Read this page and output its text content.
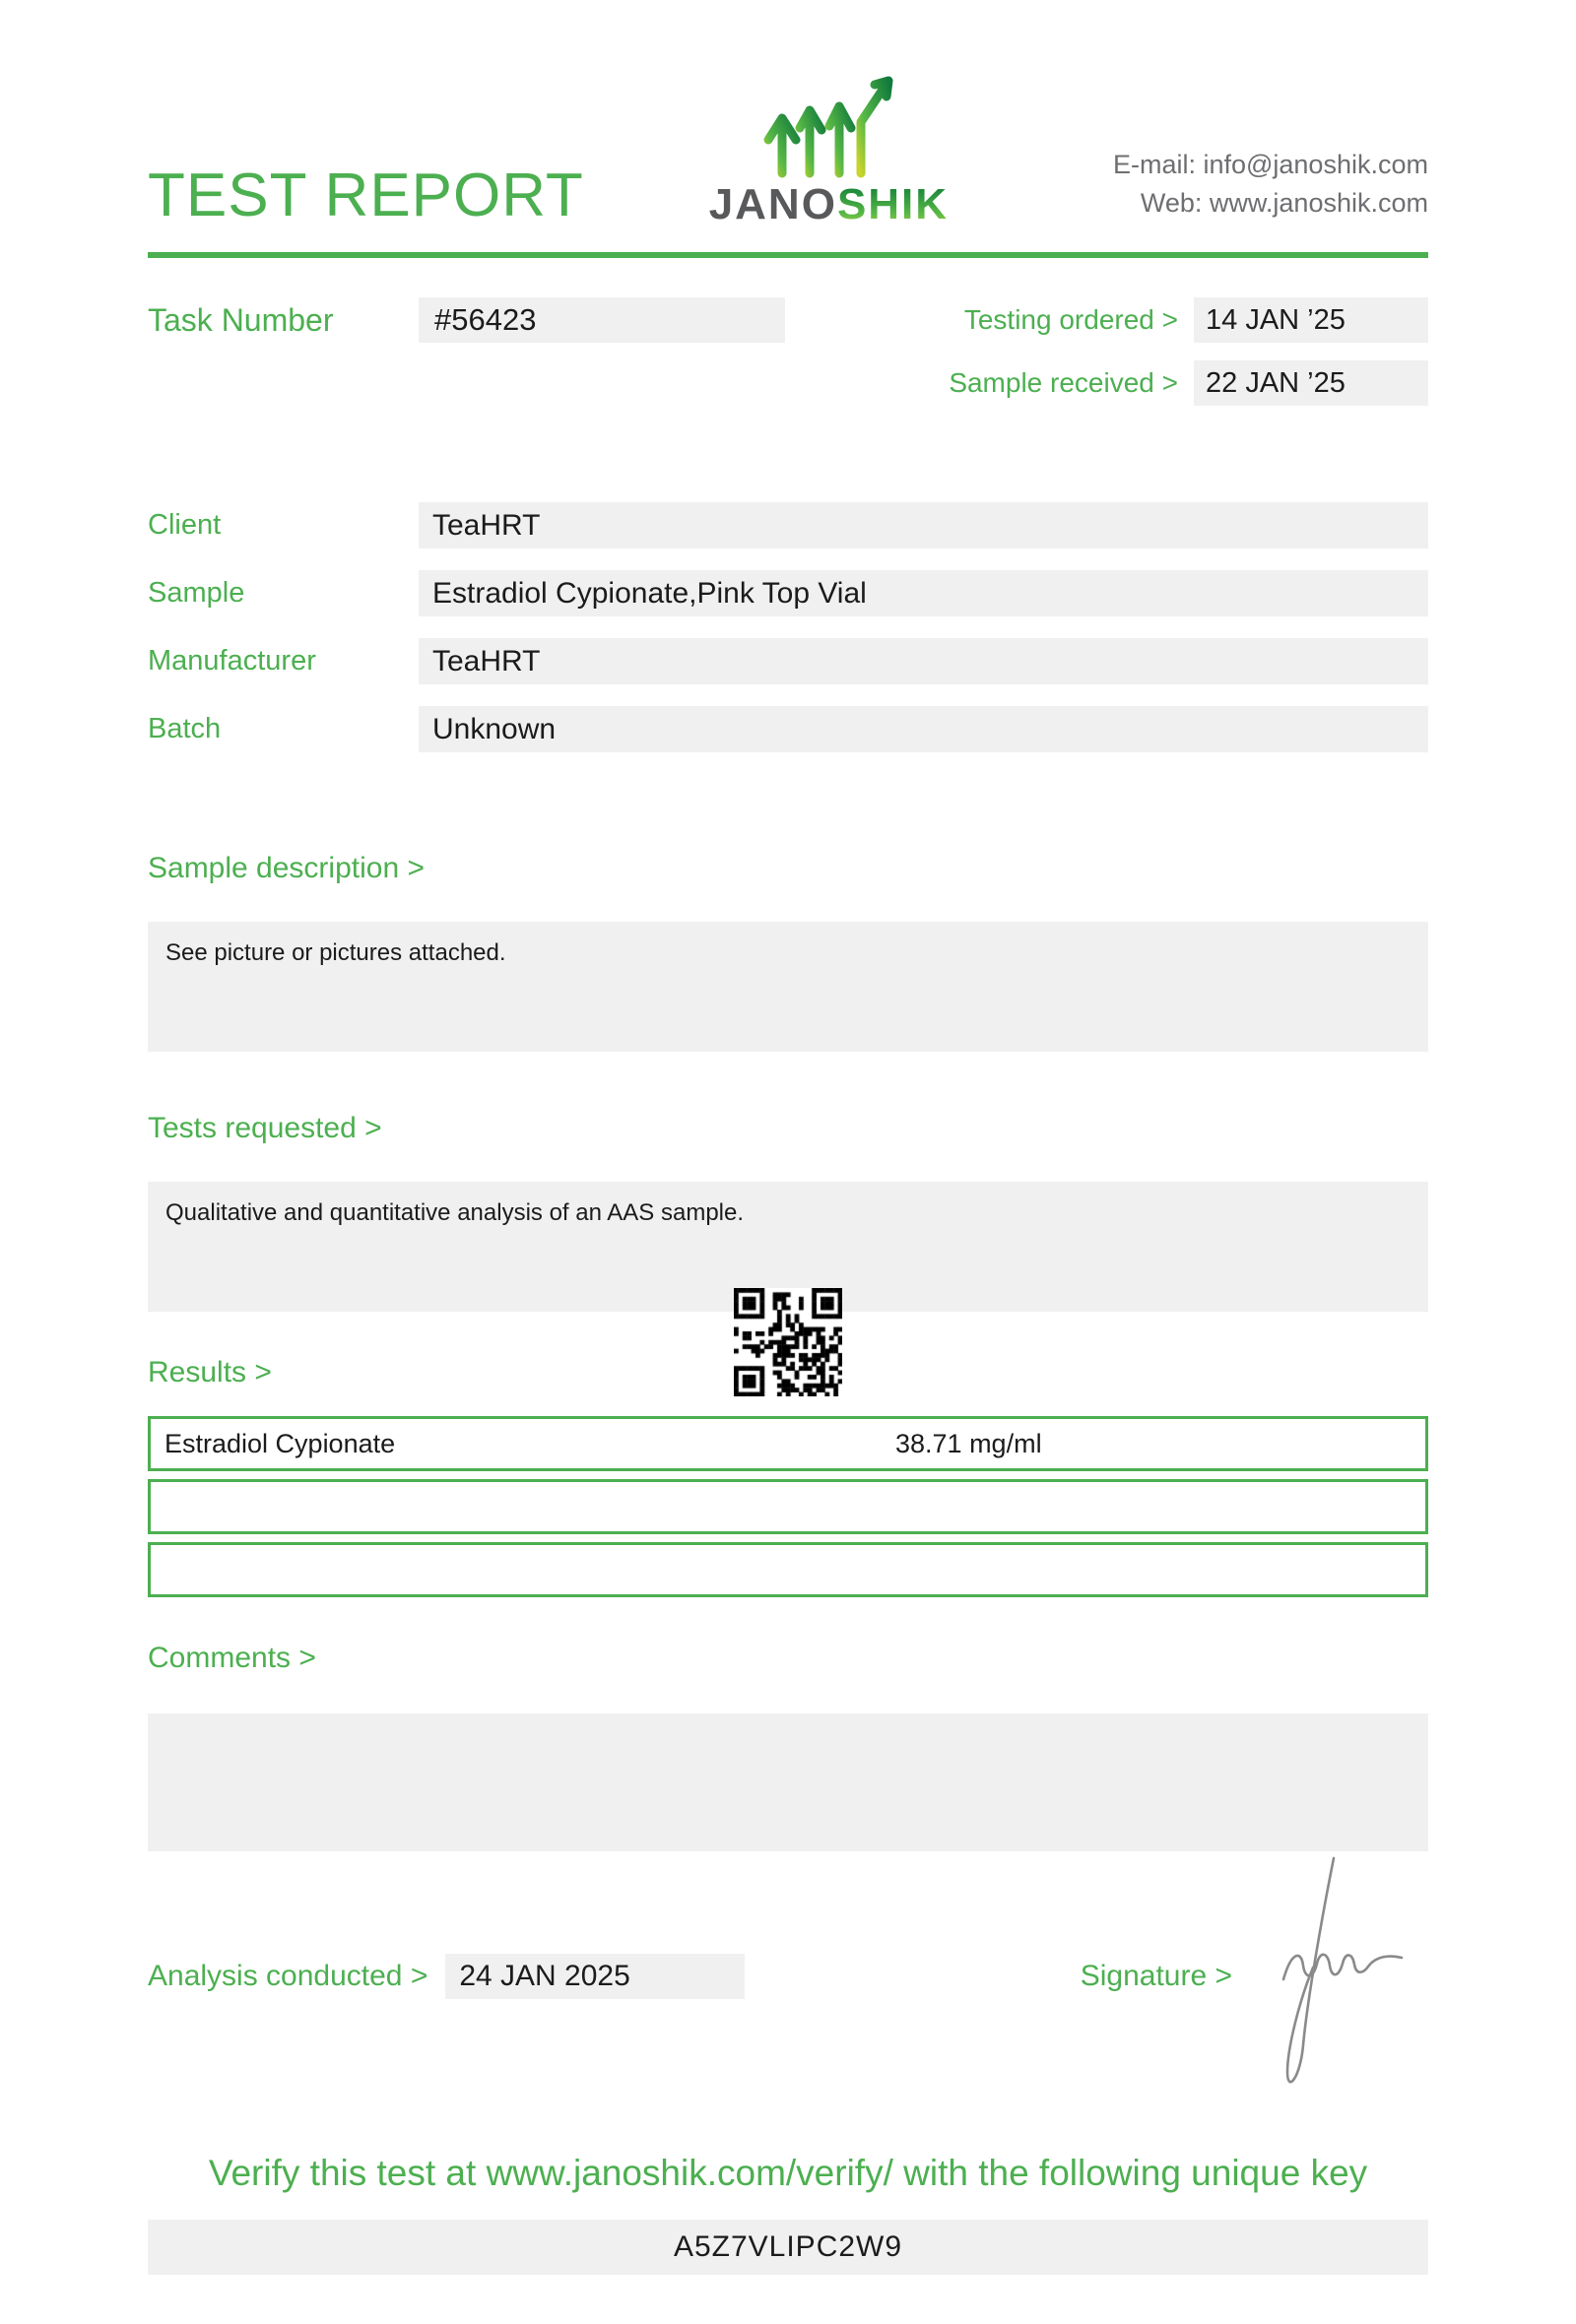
TEST REPORT	JANOSHIK
E-mail: info@janoshik.com
Web: www.janoshik.com
Task Number	#56423	Testing ordered > 14 JAN ’25
Sample received > 22 JAN ’25
Client	TeaHRT
Sample	Estradiol Cypionate,Pink Top Vial
Manufacturer	TeaHRT
Batch	Unknown
Sample description >
See picture or pictures attached.
Tests requested >
Qualitative and quantitative analysis of an AAS sample.
Results >
Estradiol Cypionate	38.71 mg/ml
Comments >
Analysis conducted >	24 JAN 2025	Signature >
Verify this test at www.janoshik.com/verify/ with the following unique key
A5Z7VLIPC2W9
